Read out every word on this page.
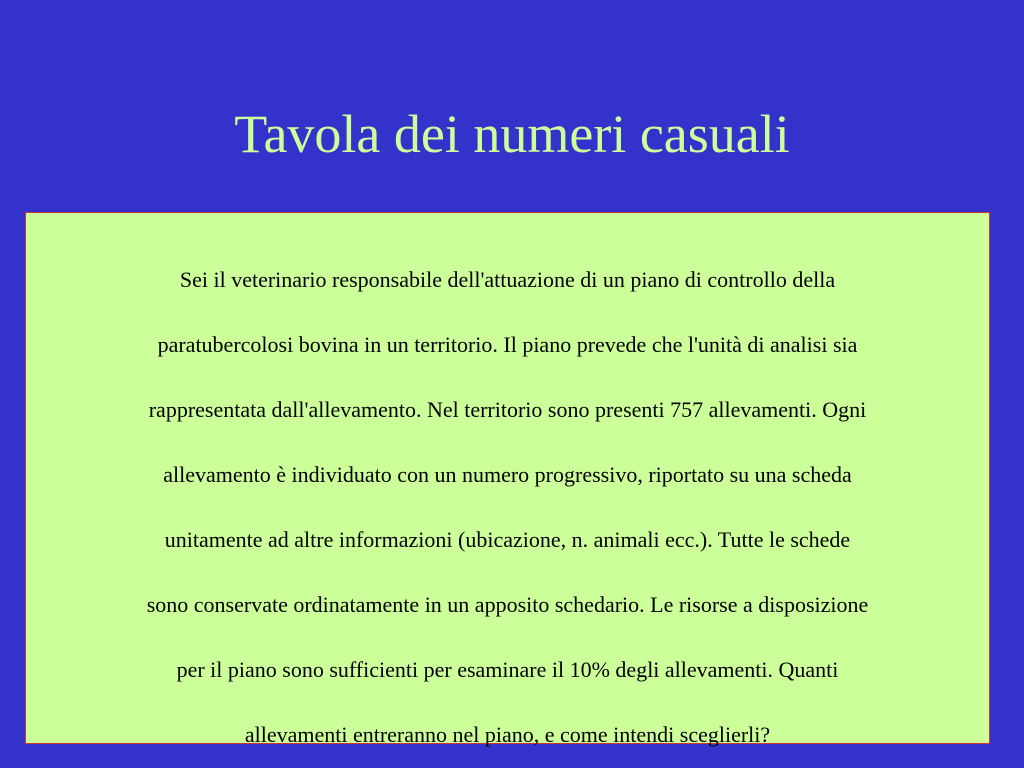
Tavola dei numeri casuali
Sei il veterinario responsabile dell'attuazione di un piano di controllo della
paratubercolosi bovina in un territorio. Il piano prevede che l'unità di analisi sia
rappresentata dall'allevamento. Nel territorio sono presenti 757 allevamenti. Ogni
allevamento è individuato con un numero progressivo, riportato su una scheda
unitamente ad altre informazioni (ubicazione, n. animali ecc.). Tutte le schede
sono conservate ordinatamente in un apposito schedario. Le risorse a disposizione
per il piano sono sufficienti per esaminare il 10% degli allevamenti. Quanti
allevamenti entreranno nel piano, e come intendi sceglierli?
